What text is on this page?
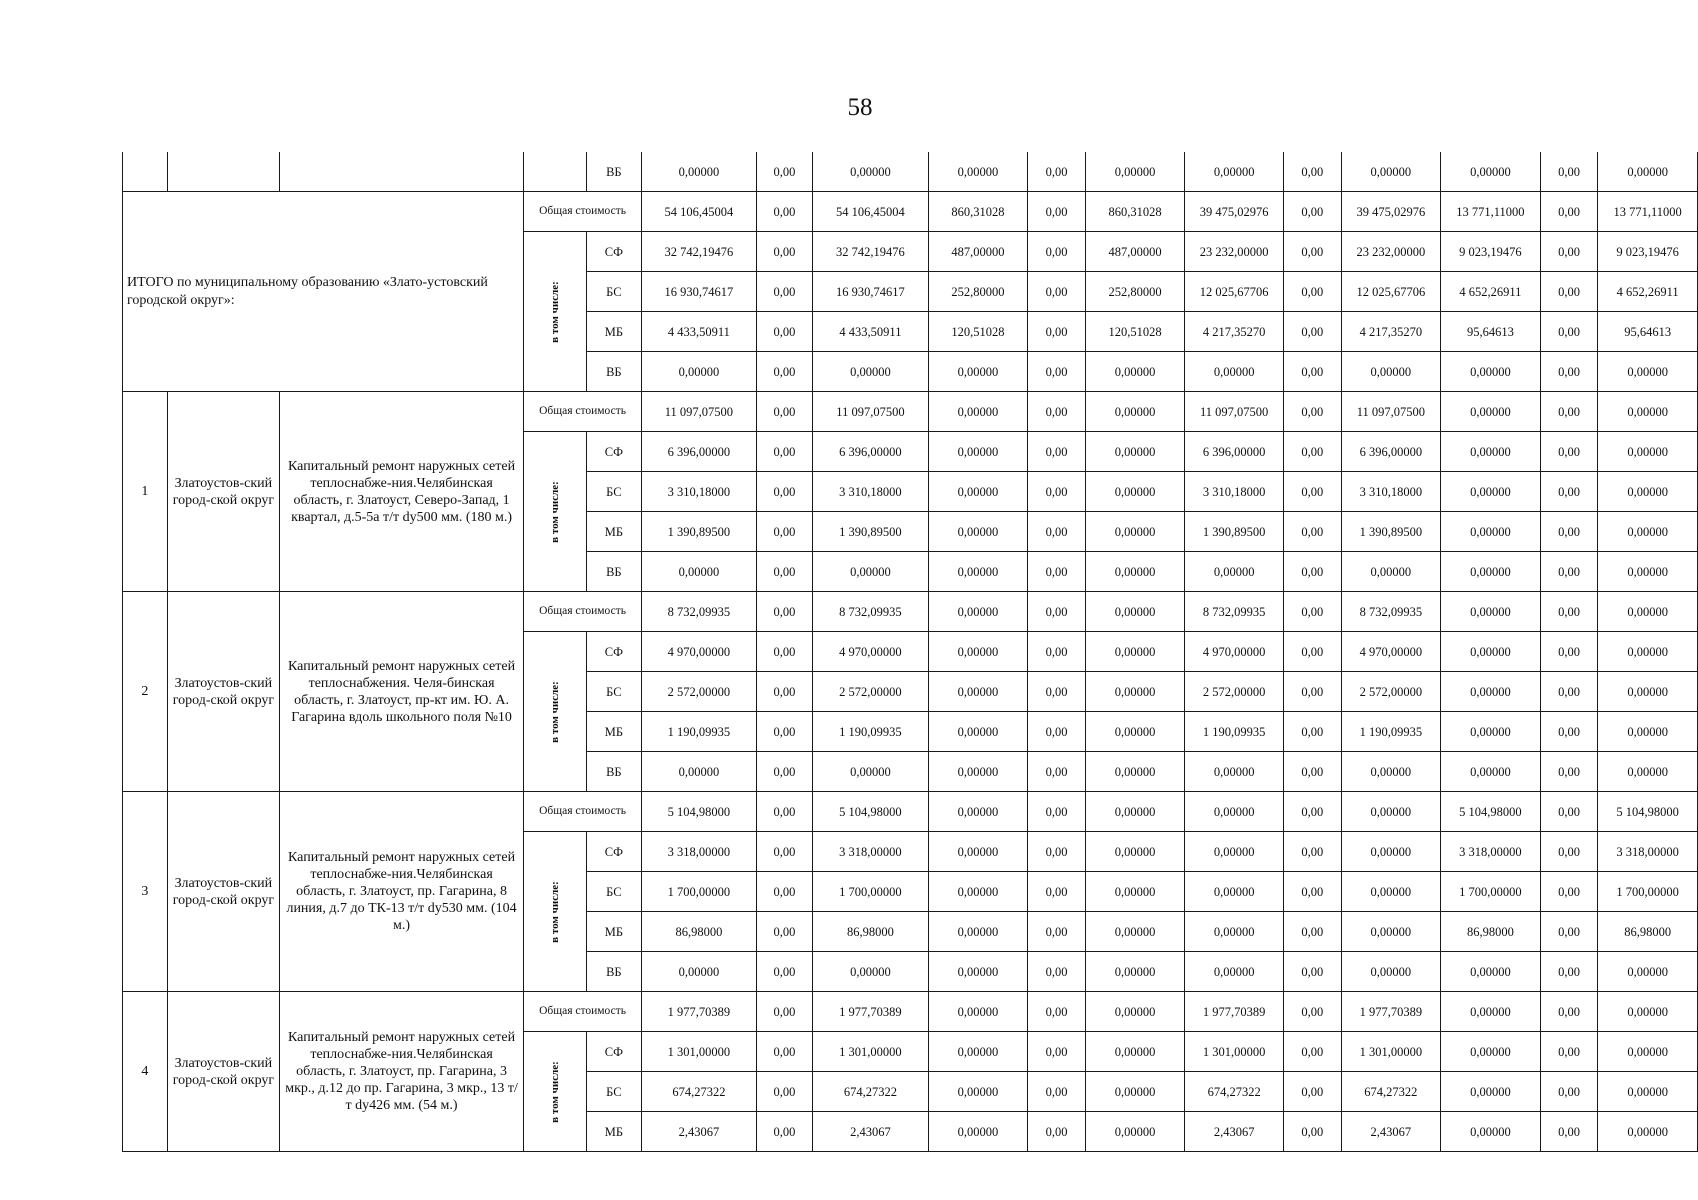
58
				ВБ	0,00000	0,00	0,00000	0,00000	0,00	0,00000	0,00000	0,00	0,00000	0,00000	0,00	0,00000
ИТОГО по муниципальному образованию «Злато-устовский городской округ»:			Общая стоимость		54 106,45004	0,00	54 106,45004	860,31028	0,00	860,31028	39 475,02976	0,00	39 475,02976	13 771,11000	0,00	13 771,11000
			в том числе:	СФ	32 742,19476	0,00	32 742,19476	487,00000	0,00	487,00000	23 232,00000	0,00	23 232,00000	9 023,19476	0,00	9 023,19476
				БС	16 930,74617	0,00	16 930,74617	252,80000	0,00	252,80000	12 025,67706	0,00	12 025,67706	4 652,26911	0,00	4 652,26911
				МБ	4 433,50911	0,00	4 433,50911	120,51028	0,00	120,51028	4 217,35270	0,00	4 217,35270	95,64613	0,00	95,64613
				ВБ	0,00000	0,00	0,00000	0,00000	0,00	0,00000	0,00000	0,00	0,00000	0,00000	0,00	0,00000
1	Златоустов-ский город-ской округ	Капитальный ремонт наружных сетей теплоснабже-ния.Челябинская область, г. Златоуст, Северо-Запад, 1 квартал, д.5-5а т/т dу500 мм. (180 м.)	Общая стоимость		11 097,07500	0,00	11 097,07500	0,00000	0,00	0,00000	11 097,07500	0,00	11 097,07500	0,00000	0,00	0,00000
			в том числе:	СФ	6 396,00000	0,00	6 396,00000	0,00000	0,00	0,00000	6 396,00000	0,00	6 396,00000	0,00000	0,00	0,00000
				БС	3 310,18000	0,00	3 310,18000	0,00000	0,00	0,00000	3 310,18000	0,00	3 310,18000	0,00000	0,00	0,00000
				МБ	1 390,89500	0,00	1 390,89500	0,00000	0,00	0,00000	1 390,89500	0,00	1 390,89500	0,00000	0,00	0,00000
				ВБ	0,00000	0,00	0,00000	0,00000	0,00	0,00000	0,00000	0,00	0,00000	0,00000	0,00	0,00000
2	Златоустов-ский город-ской округ	Капитальный ремонт наружных сетей теплоснабжения. Челя-бинская область, г. Златоуст, пр-кт им. Ю. А. Гагарина вдоль школьного поля №10	Общая стоимость		8 732,09935	0,00	8 732,09935	0,00000	0,00	0,00000	8 732,09935	0,00	8 732,09935	0,00000	0,00	0,00000
			в том числе:	СФ	4 970,00000	0,00	4 970,00000	0,00000	0,00	0,00000	4 970,00000	0,00	4 970,00000	0,00000	0,00	0,00000
				БС	2 572,00000	0,00	2 572,00000	0,00000	0,00	0,00000	2 572,00000	0,00	2 572,00000	0,00000	0,00	0,00000
				МБ	1 190,09935	0,00	1 190,09935	0,00000	0,00	0,00000	1 190,09935	0,00	1 190,09935	0,00000	0,00	0,00000
				ВБ	0,00000	0,00	0,00000	0,00000	0,00	0,00000	0,00000	0,00	0,00000	0,00000	0,00	0,00000
3	Златоустов-ский город-ской округ	Капитальный ремонт наружных сетей теплоснабже-ния.Челябинская область, г. Златоуст, пр. Гагарина, 8 линия, д.7 до ТК-13 т/т dу530 мм. (104 м.)	Общая стоимость		5 104,98000	0,00	5 104,98000	0,00000	0,00	0,00000	0,00000	0,00	0,00000	5 104,98000	0,00	5 104,98000
			в том числе:	СФ	3 318,00000	0,00	3 318,00000	0,00000	0,00	0,00000	0,00000	0,00	0,00000	3 318,00000	0,00	3 318,00000
				БС	1 700,00000	0,00	1 700,00000	0,00000	0,00	0,00000	0,00000	0,00	0,00000	1 700,00000	0,00	1 700,00000
				МБ	86,98000	0,00	86,98000	0,00000	0,00	0,00000	0,00000	0,00	0,00000	86,98000	0,00	86,98000
				ВБ	0,00000	0,00	0,00000	0,00000	0,00	0,00000	0,00000	0,00	0,00000	0,00000	0,00	0,00000
4	Златоустов-ский город-ской округ	Капитальный ремонт наружных сетей теплоснабже-ния.Челябинская область, г. Златоуст, пр. Гагарина, 3 мкр., д.12 до пр. Гагарина, 3 мкр., 13 т/т dу426 мм. (54 м.)	Общая стоимость		1 977,70389	0,00	1 977,70389	0,00000	0,00	0,00000	1 977,70389	0,00	1 977,70389	0,00000	0,00	0,00000
			в том числе:	СФ	1 301,00000	0,00	1 301,00000	0,00000	0,00	0,00000	1 301,00000	0,00	1 301,00000	0,00000	0,00	0,00000
				БС	674,27322	0,00	674,27322	0,00000	0,00	0,00000	674,27322	0,00	674,27322	0,00000	0,00	0,00000
				МБ	2,43067	0,00	2,43067	0,00000	0,00	0,00000	2,43067	0,00	2,43067	0,00000	0,00	0,00000
